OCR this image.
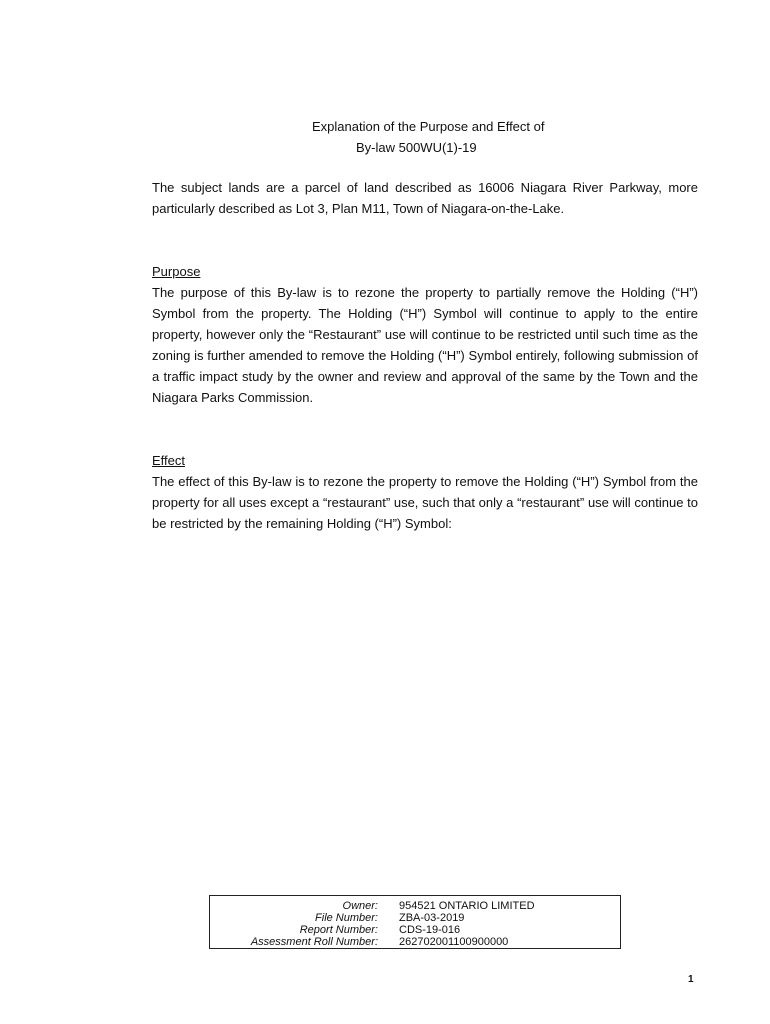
Explanation of the Purpose and Effect of
By-law 500WU(1)-19
The subject lands are a parcel of land described as 16006 Niagara River Parkway, more particularly described as Lot 3, Plan M11, Town of Niagara-on-the-Lake.
Purpose
The purpose of this By-law is to rezone the property to partially remove the Holding (“H”) Symbol from the property. The Holding (“H”) Symbol will continue to apply to the entire property, however only the “Restaurant” use will continue to be restricted until such time as the zoning is further amended to remove the Holding (“H”) Symbol entirely, following submission of a traffic impact study by the owner and review and approval of the same by the Town and the Niagara Parks Commission.
Effect
The effect of this By-law is to rezone the property to remove the Holding (“H”) Symbol from the property for all uses except a “restaurant” use, such that only a “restaurant” use will continue to be restricted by the remaining Holding (“H”) Symbol:
Owner: 954521 ONTARIO LIMITED
File Number: ZBA-03-2019
Report Number: CDS-19-016
Assessment Roll Number: 262702001100900000
1
